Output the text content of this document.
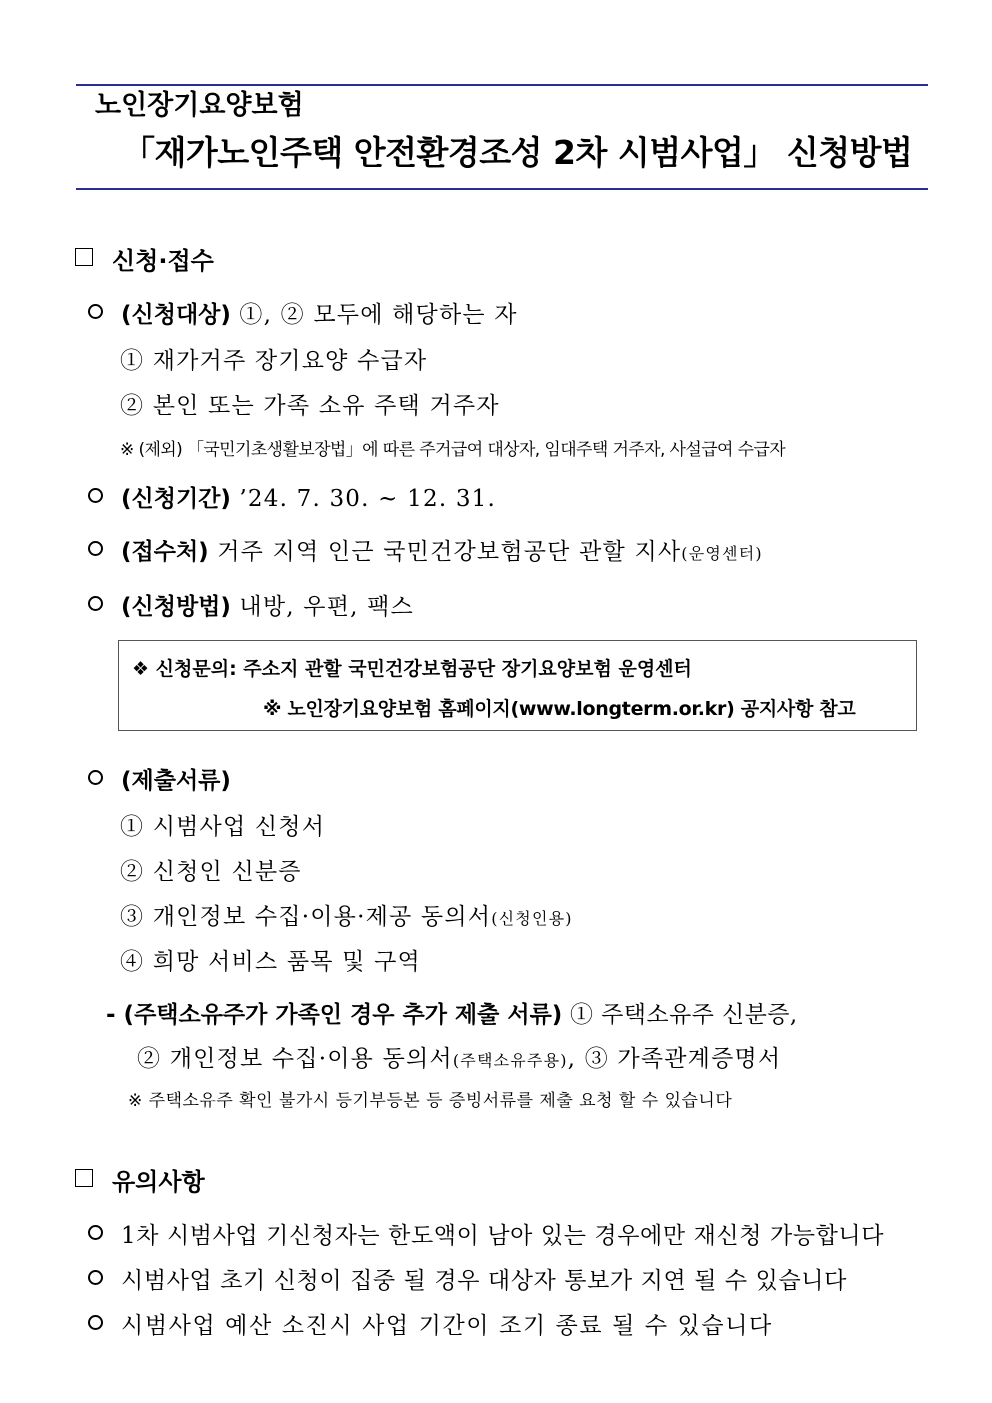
노인장기요양보험
「재가노인주택 안전환경조성 2차 시범사업」 신청방법
신청·접수
(신청대상) ①, ② 모두에 해당하는 자
① 재가거주 장기요양 수급자
② 본인 또는 가족 소유 주택 거주자
※ (제외) 「국민기초생활보장법」에 따른 주거급여 대상자, 임대주택 거주자, 사설급여 수급자
(신청기간) ’24. 7. 30. ~ 12. 31.
(접수처) 거주 지역 인근 국민건강보험공단 관할 지사(운영센터)
(신청방법) 내방, 우편, 팩스
❖ 신청문의: 주소지 관할 국민건강보험공단 장기요양보험 운영센터
※ 노인장기요양보험 홈페이지(www.longterm.or.kr) 공지사항 참고
(제출서류)
① 시범사업 신청서
② 신청인 신분증
③ 개인정보 수집·이용·제공 동의서(신청인용)
④ 희망 서비스 품목 및 구역
- (주택소유주가 가족인 경우 추가 제출 서류) ① 주택소유주 신분증,
② 개인정보 수집·이용 동의서(주택소유주용), ③ 가족관계증명서
※ 주택소유주 확인 불가시 등기부등본 등 증빙서류를 제출 요청 할 수 있습니다
유의사항
1차 시범사업 기신청자는 한도액이 남아 있는 경우에만 재신청 가능합니다
시범사업 초기 신청이 집중 될 경우 대상자 통보가 지연 될 수 있습니다
시범사업 예산 소진시 사업 기간이 조기 종료 될 수 있습니다
